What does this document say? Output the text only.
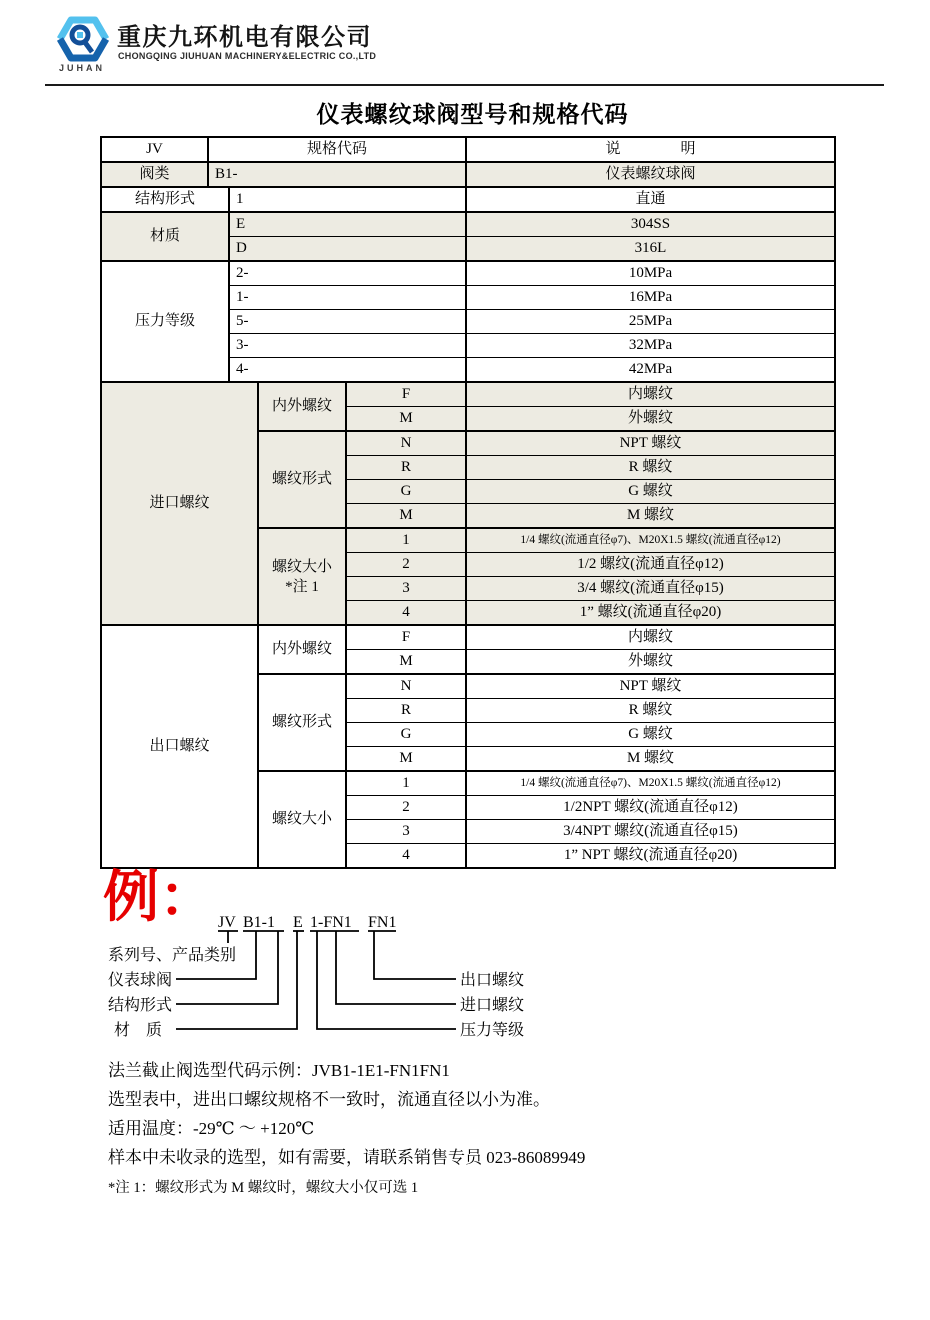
JUHAN
重庆九环机电有限公司
CHONGQING JIUHUAN MACHINERY&ELECTRIC CO.,LTD
仪表螺纹球阀型号和规格代码
JV	规格代码	说　　　　明
阀类	B1-	仪表螺纹球阀
结构形式	1	直通
材质
E	304SS
D	316L
压力等级
2-	10MPa
1-	16MPa
5-	25MPa
3-	32MPa
4-	42MPa
进口螺纹
内外螺纹
F	内螺纹
M	外螺纹
螺纹形式
N	NPT 螺纹
R	R 螺纹
G	G 螺纹
M	M 螺纹
螺纹大小
*注 1
1	1/4 螺纹(流通直径φ7)、M20X1.5 螺纹(流通直径φ12)
2	1/2 螺纹(流通直径φ12)
3	3/4 螺纹(流通直径φ15)
4	1” 螺纹(流通直径φ20)
出口螺纹
内外螺纹
F	内螺纹
M	外螺纹
螺纹形式
N	NPT 螺纹
R	R 螺纹
G	G 螺纹
M	M 螺纹
螺纹大小
1	1/4 螺纹(流通直径φ7)、M20X1.5 螺纹(流通直径φ12)
2	1/2NPT 螺纹(流通直径φ12)
3	3/4NPT 螺纹(流通直径φ15)
4	1” NPT 螺纹(流通直径φ20)
例： JV B1-1 E 1-FN1 FN1
系列号、产品类别
仪表球阀
结构形式
材　质
出口螺纹
进口螺纹
压力等级
法兰截止阀选型代码示例：JVB1-1E1-FN1FN1
选型表中，进出口螺纹规格不一致时，流通直径以小为准。
适用温度：-29℃ ～ +120℃
样本中未收录的选型，如有需要，请联系销售专员 023-86089949
*注 1：螺纹形式为 M 螺纹时，螺纹大小仅可选 1
